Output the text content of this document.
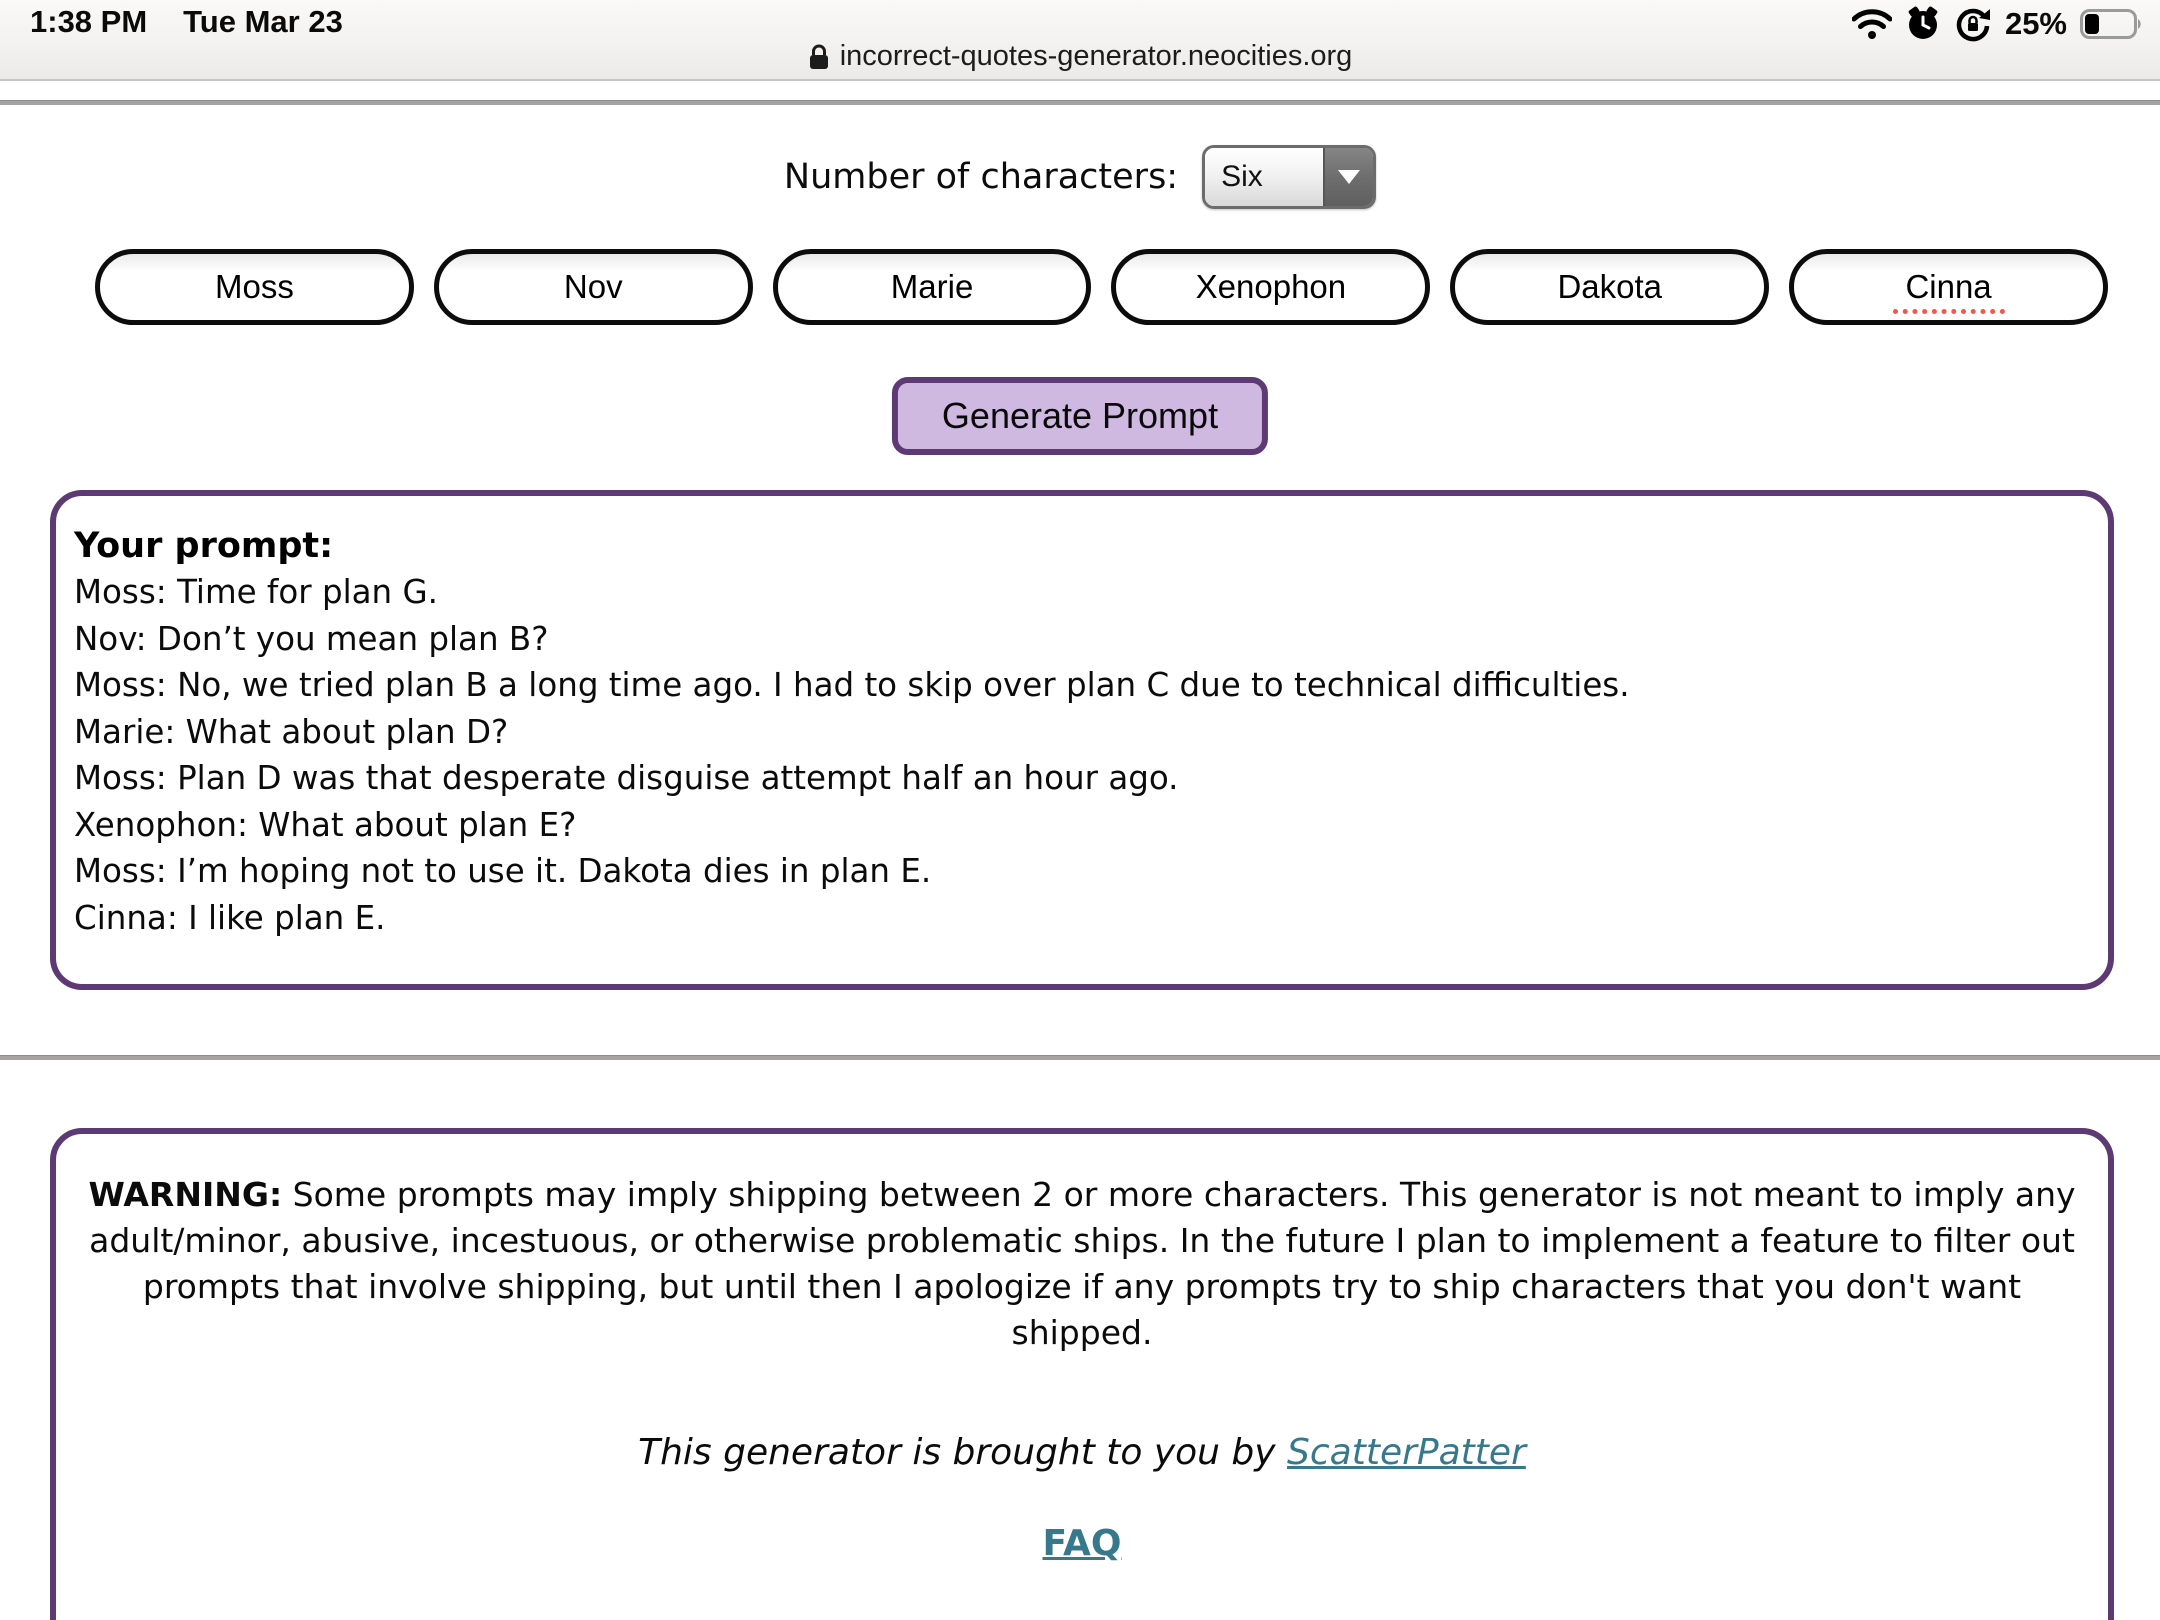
1:38 PM Tue Mar 23	25%
incorrect-quotes-generator.neocities.org
Number of characters:	Six
Moss
Nov
Marie
Xenophon
Dakota
Cinna
Generate Prompt
Your prompt:
Moss: Time for plan G.
Nov: Don’t you mean plan B?
Moss: No, we tried plan B a long time ago. I had to skip over plan C due to technical difficulties.
Marie: What about plan D?
Moss: Plan D was that desperate disguise attempt half an hour ago.
Xenophon: What about plan E?
Moss: I’m hoping not to use it. Dakota dies in plan E.
Cinna: I like plan E.

WARNING: Some prompts may imply shipping between 2 or more characters. This generator is not meant to imply any adult/minor, abusive, incestuous, or otherwise problematic ships. In the future I plan to implement a feature to filter out prompts that involve shipping, but until then I apologize if any prompts try to ship characters that you don't want shipped.

This generator is brought to you by ScatterPatter
FAQ
